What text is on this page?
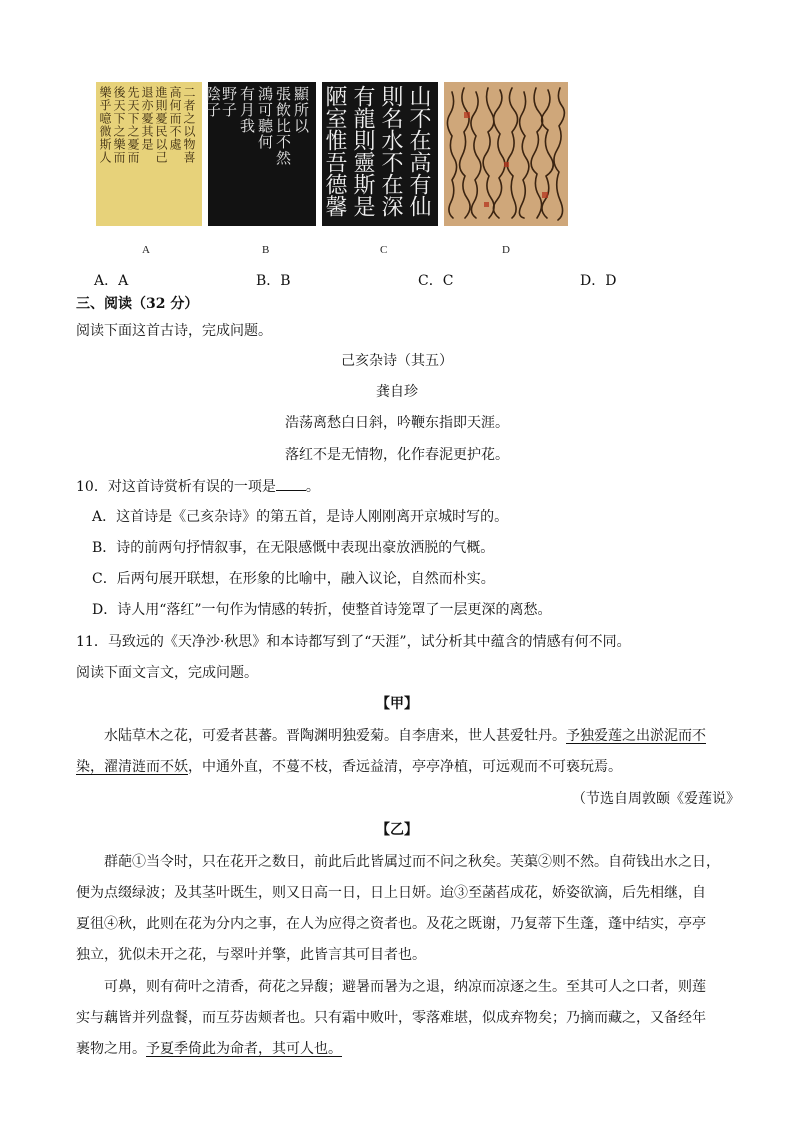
二者之以物喜
高何而不處
進則憂民以己
退亦憂其是
先天下之憂而
後天下之樂而
樂乎噫微斯人
A
顯所以
張飲比不然
鴻可聽何
有月我
野子
陰子
B
山不在高有仙
則名水不在深
有龍則靈斯是
陋室惟吾德馨
C	D
A．A	B．B	C．C	D．D
三、阅读（32 分）
阅读下面这首古诗，完成问题。
己亥杂诗（其五）
龚自珍
浩荡离愁白日斜，吟鞭东指即天涯。
落红不是无情物，化作春泥更护花。
10．对这首诗赏析有误的一项是 。
A．这首诗是《己亥杂诗》的第五首，是诗人刚刚离开京城时写的。
B．诗的前两句抒情叙事，在无限感慨中表现出豪放洒脱的气概。
C．后两句展开联想，在形象的比喻中，融入议论，自然而朴实。
D．诗人用“落红”一句作为情感的转折，使整首诗笼罩了一层更深的离愁。
11．马致远的《天净沙·秋思》和本诗都写到了“天涯”，试分析其中蕴含的情感有何不同。
阅读下面文言文，完成问题。
【甲】
水陆草木之花，可爱者甚蕃。晋陶渊明独爱菊。自李唐来，世人甚爱牡丹。予独爱莲之出淤泥而不
染，濯清涟而不妖，中通外直，不蔓不枝，香远益清，亭亭净植，可远观而不可亵玩焉。
（节选自周敦颐《爱莲说》
【乙】
群葩①当令时，只在花开之数日，前此后此皆属过而不问之秋矣。芙蕖②则不然。自荷钱出水之日，
便为点缀绿波；及其茎叶既生，则又日高一日，日上日妍。迨③至菡萏成花，娇姿欲滴，后先相继，自
夏徂④秋，此则在花为分内之事，在人为应得之资者也。及花之既谢，乃复蒂下生蓬，蓬中结实，亭亭
独立，犹似未开之花，与翠叶并擎，此皆言其可目者也。
可鼻，则有荷叶之清香，荷花之异馥；避暑而暑为之退，纳凉而凉逐之生。至其可人之口者，则莲
实与藕皆并列盘餐，而互芬齿颊者也。只有霜中败叶，零落难堪，似成弃物矣；乃摘而藏之，又备经年
裹物之用。予夏季倚此为命者，其可人也。
